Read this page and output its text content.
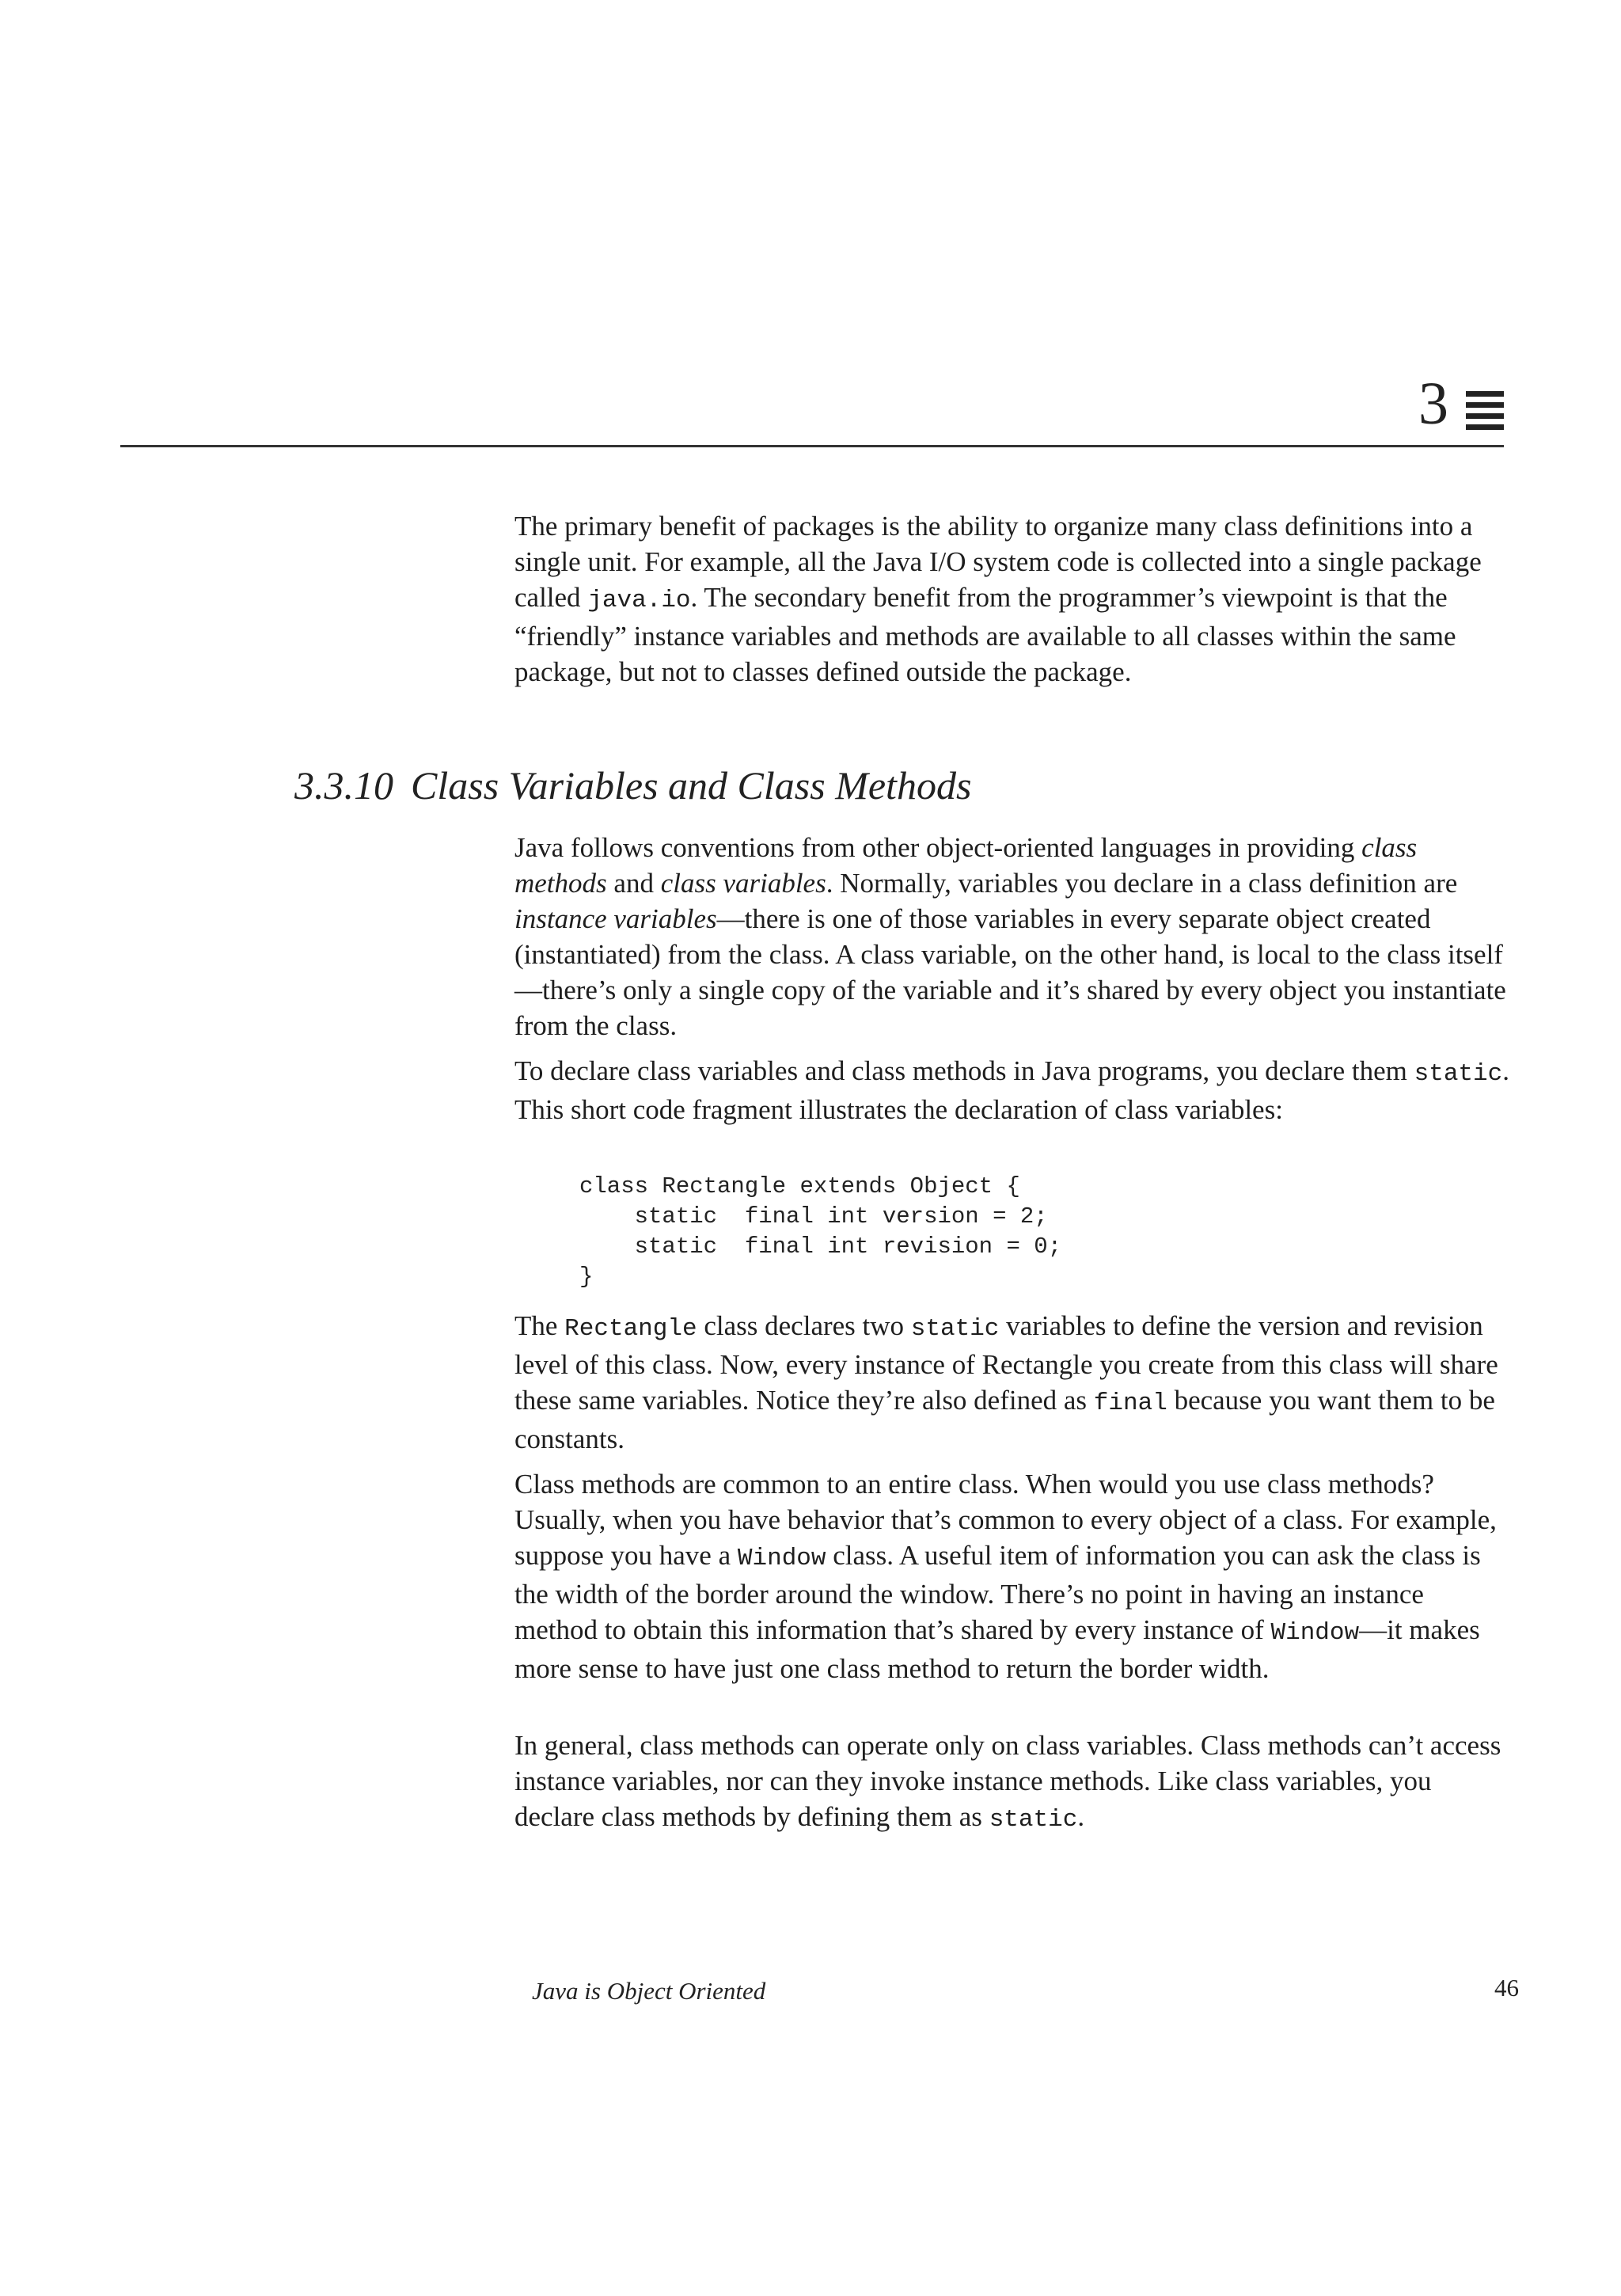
3

The primary benefit of packages is the ability to organize many class definitions into a single unit. For example, all the Java I/O system code is collected into a single package called java.io. The secondary benefit from the programmer’s viewpoint is that the “friendly” instance variables and methods are available to all classes within the same package, but not to classes defined outside the package.

3.3.10 Class Variables and Class Methods

Java follows conventions from other object-oriented languages in providing class methods and class variables. Normally, variables you declare in a class definition are instance variables—there is one of those variables in every separate object created (instantiated) from the class. A class variable, on the other hand, is local to the class itself—there’s only a single copy of the variable and it’s shared by every object you instantiate from the class.

To declare class variables and class methods in Java programs, you declare them static. This short code fragment illustrates the declaration of class variables:

class Rectangle extends Object {
static  final int version = 2;
static  final int revision = 0;
}

The Rectangle class declares two static variables to define the version and revision level of this class. Now, every instance of Rectangle you create from this class will share these same variables. Notice they’re also defined as final because you want them to be constants.

Class methods are common to an entire class. When would you use class methods? Usually, when you have behavior that’s common to every object of a class. For example, suppose you have a Window class. A useful item of information you can ask the class is the width of the border around the window. There’s no point in having an instance method to obtain this information that’s shared by every instance of Window—it makes more sense to have just one class method to return the border width.

In general, class methods can operate only on class variables. Class methods can’t access instance variables, nor can they invoke instance methods. Like class variables, you declare class methods by defining them as static.

Java is Object Oriented	46
